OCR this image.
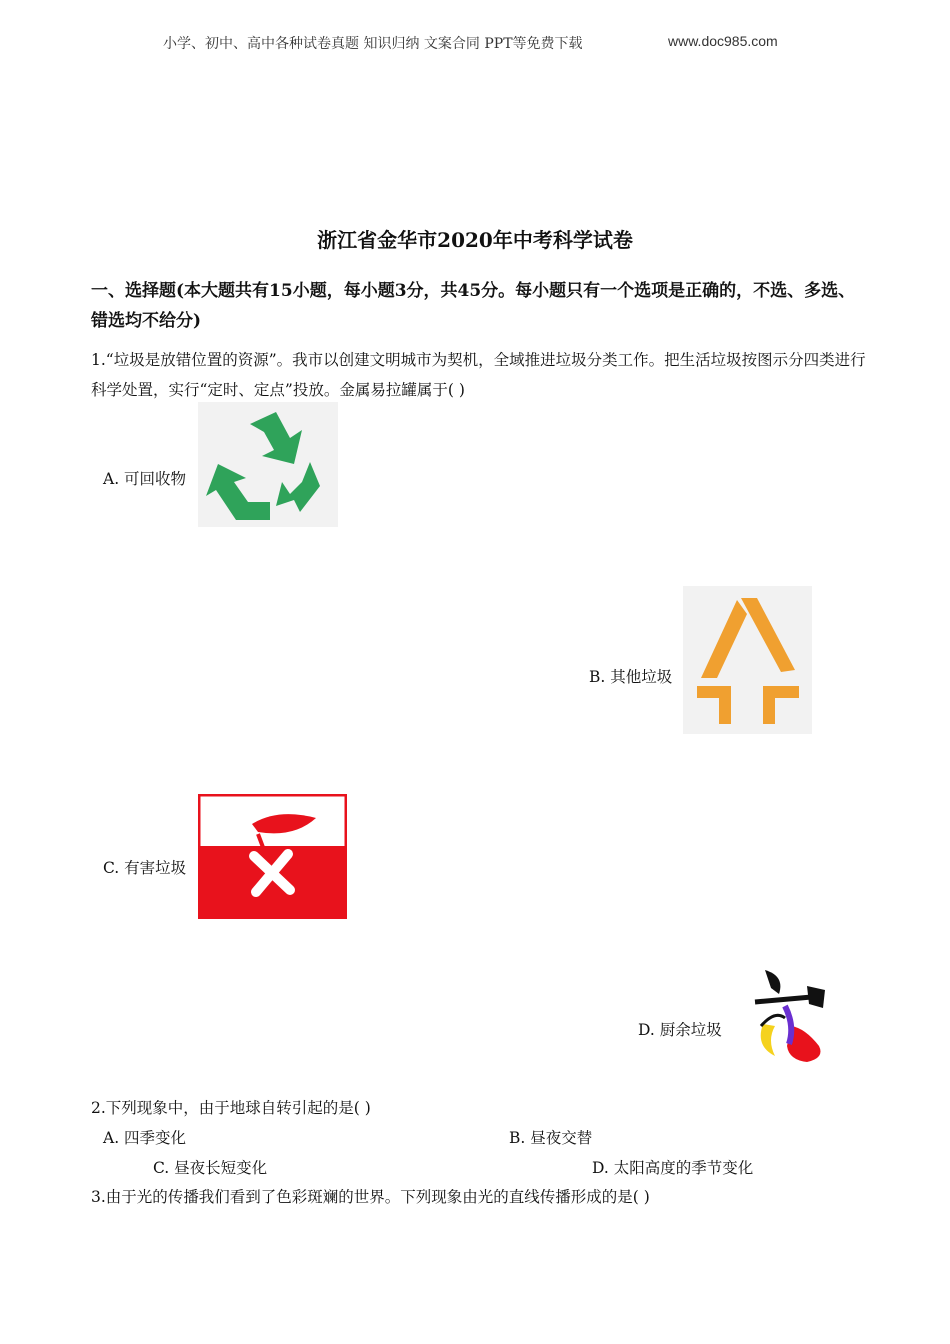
小学、初中、高中各种试卷真题 知识归纳 文案合同 PPT等免费下载	www.doc985.com
浙江省金华市2020年中考科学试卷
一、选择题(本大题共有15小题，每小题3分，共45分。每小题只有一个选项是正确的，不选、多选、错选均不给分)
1.“垃圾是放错位置的资源”。我市以创建文明城市为契机，全域推进垃圾分类工作。把生活垃圾按图示分四类进行科学处置，实行“定时、定点”投放。金属易拉罐属于( )
A. 可回收物
B. 其他垃圾
C. 有害垃圾
D. 厨余垃圾
2.下列现象中，由于地球自转引起的是( )
A. 四季变化	B. 昼夜交替
C. 昼夜长短变化	D. 太阳高度的季节变化
3.由于光的传播我们看到了色彩斑斓的世界。下列现象由光的直线传播形成的是( )
